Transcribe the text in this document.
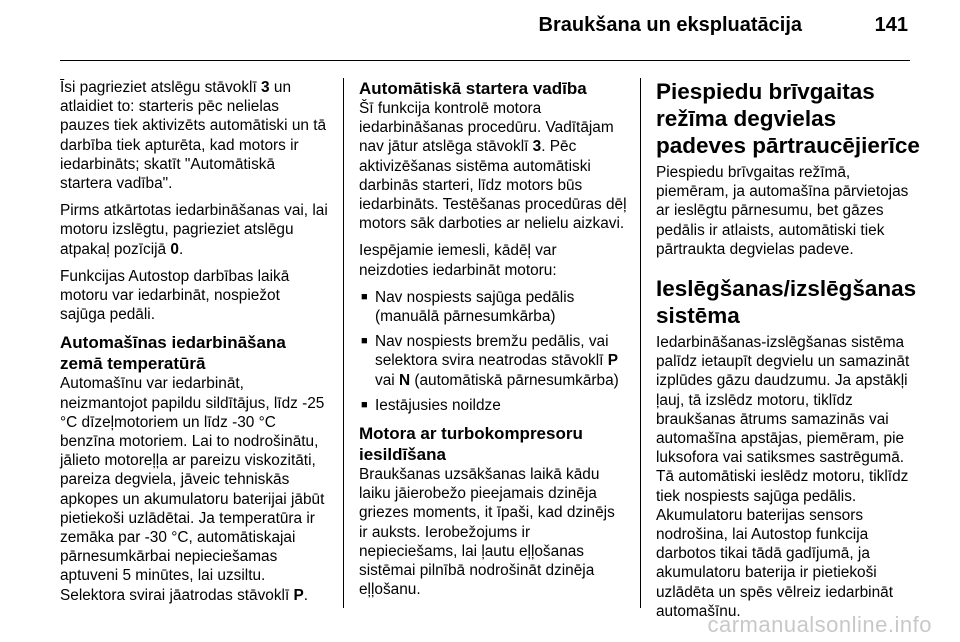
Braukšana un ekspluatācija	141

Īsi pagrieziet atslēgu stāvoklī 3 un atlaidiet to: starteris pēc nelielas pauzes tiek aktivizēts automātiski un tā darbība tiek apturēta, kad motors ir iedarbināts; skatīt "Automātiskā startera vadība".

Pirms atkārtotas iedarbināšanas vai, lai motoru izslēgtu, pagrieziet atslēgu atpakaļ pozīcijā 0.

Funkcijas Autostop darbības laikā motoru var iedarbināt, nospiežot sajūga pedāli.

Automašīnas iedarbināšana zemā temperatūrā

Automašīnu var iedarbināt, neizmantojot papildu sildītājus, līdz -25 °C dīzeļmotoriem un līdz -30 °C benzīna motoriem. Lai to nodrošinātu, jālieto motoreļļa ar pareizu viskozitāti, pareiza degviela, jāveic tehniskās apkopes un akumulatoru baterijai jābūt pietiekoši uzlādētai. Ja temperatūra ir zemāka par -30 °C, automātiskajai pārnesumkārbai nepieciešamas aptuveni 5 minūtes, lai uzsiltu. Selektora svirai jāatrodas stāvoklī P.

Automātiskā startera vadība

Šī funkcija kontrolē motora iedarbināšanas procedūru. Vadītājam nav jātur atslēga stāvoklī 3. Pēc aktivizēšanas sistēma automātiski darbinās starteri, līdz motors būs iedarbināts. Testēšanas procedūras dēļ motors sāk darboties ar nelielu aizkavi.

Iespējamie iemesli, kādēļ var neizdoties iedarbināt motoru:

■ Nav nospiests sajūga pedālis (manuālā pārnesumkārba)
■ Nav nospiests bremžu pedālis, vai selektora svira neatrodas stāvoklī P vai N (automātiskā pārnesumkārba)
■ Iestājusies noildze
Motora ar turbokompresoru iesildīšana

Braukšanas uzsākšanas laikā kādu laiku jāierobežo pieejamais dzinēja griezes moments, it īpaši, kad dzinējs ir auksts. Ierobežojums ir nepieciešams, lai ļautu eļļošanas sistēmai pilnībā nodrošināt dzinēja eļļošanu.

Piespiedu brīvgaitas režīma degvielas padeves pārtraucējierīce

Piespiedu brīvgaitas režīmā, piemēram, ja automašīna pārvietojas ar ieslēgtu pārnesumu, bet gāzes pedālis ir atlaists, automātiski tiek pārtraukta degvielas padeve.

Ieslēgšanas/izslēgšanas sistēma

Iedarbināšanas-izslēgšanas sistēma palīdz ietaupīt degvielu un samazināt izplūdes gāzu daudzumu. Ja apstākļi ļauj, tā izslēdz motoru, tiklīdz braukšanas ātrums samazinās vai automašīna apstājas, piemēram, pie luksofora vai satiksmes sastrēgumā. Tā automātiski ieslēdz motoru, tiklīdz tiek nospiests sajūga pedālis. Akumulatoru baterijas sensors nodrošina, lai Autostop funkcija darbotos tikai tādā gadījumā, ja akumulatoru baterija ir pietiekoši uzlādēta un spēs vēlreiz iedarbināt automašīnu.

carmanualsonline.info
